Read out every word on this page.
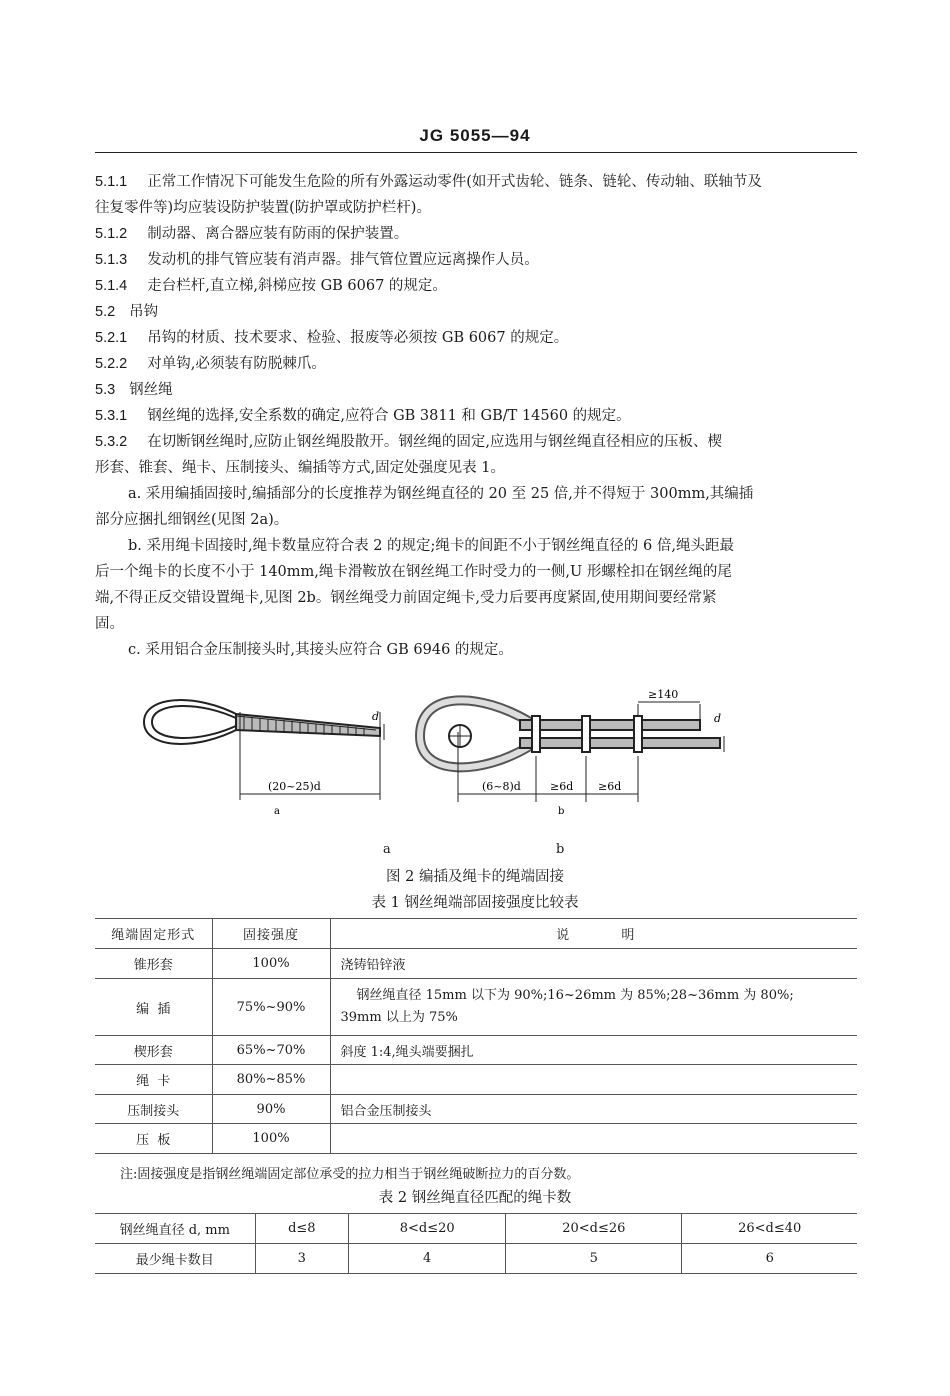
JG 5055—94
5.1.1 正常工作情况下可能发生危险的所有外露运动零件(如开式齿轮、链条、链轮、传动轴、联轴节及
往复零件等)均应装设防护装置(防护罩或防护栏杆)。
5.1.2 制动器、离合器应装有防雨的保护装置。
5.1.3 发动机的排气管应装有消声器。排气管位置应远离操作人员。
5.1.4 走台栏杆,直立梯,斜梯应按 GB 6067 的规定。
5.2 吊钩
5.2.1 吊钩的材质、技术要求、检验、报废等必须按 GB 6067 的规定。
5.2.2 对单钩,必须装有防脱棘爪。
5.3 钢丝绳
5.3.1 钢丝绳的选择,安全系数的确定,应符合 GB 3811 和 GB/T 14560 的规定。
5.3.2 在切断钢丝绳时,应防止钢丝绳股散开。钢丝绳的固定,应选用与钢丝绳直径相应的压板、楔
形套、锥套、绳卡、压制接头、编插等方式,固定处强度见表 1。
a. 采用编插固接时,编插部分的长度推荐为钢丝绳直径的 20 至 25 倍,并不得短于 300mm,其编插
部分应捆扎细钢丝(见图 2a)。
b. 采用绳卡固接时,绳卡数量应符合表 2 的规定;绳卡的间距不小于钢丝绳直径的 6 倍,绳头距最
后一个绳卡的长度不小于 140mm,绳卡滑鞍放在钢丝绳工作时受力的一侧,U 形螺栓扣在钢丝绳的尾
端,不得正反交错设置绳卡,见图 2b。钢丝绳受力前固定绳卡,受力后要再度紧固,使用期间要经常紧
固。
c. 采用铝合金压制接头时,其接头应符合 GB 6946 的规定。
(20~25)d
d
a
(6~8)d	≥6d ≥6d
≥140
d
b
a	b
图 2 编插及绳卡的绳端固接
表 1 钢丝绳端部固接强度比较表
绳端固定形式	固接强度	说          明
锥形套	100%	浇铸铅锌液
编  插	75%~90%	钢丝绳直径 15mm 以下为 90%;16~26mm 为 85%;28~36mm 为 80%;
39mm 以上为 75%

楔形套	65%~70%	斜度 1:4,绳头端要捆扎
绳  卡	80%~85%	
压制接头	90%	铝合金压制接头
压  板	100%	
注:固接强度是指钢丝绳端固定部位承受的拉力相当于钢丝绳破断拉力的百分数。
表 2 钢丝绳直径匹配的绳卡数
钢丝绳直径 d, mm	d≤8	8<d≤20	20<d≤26	26<d≤40
最少绳卡数目	3	4	5	6
